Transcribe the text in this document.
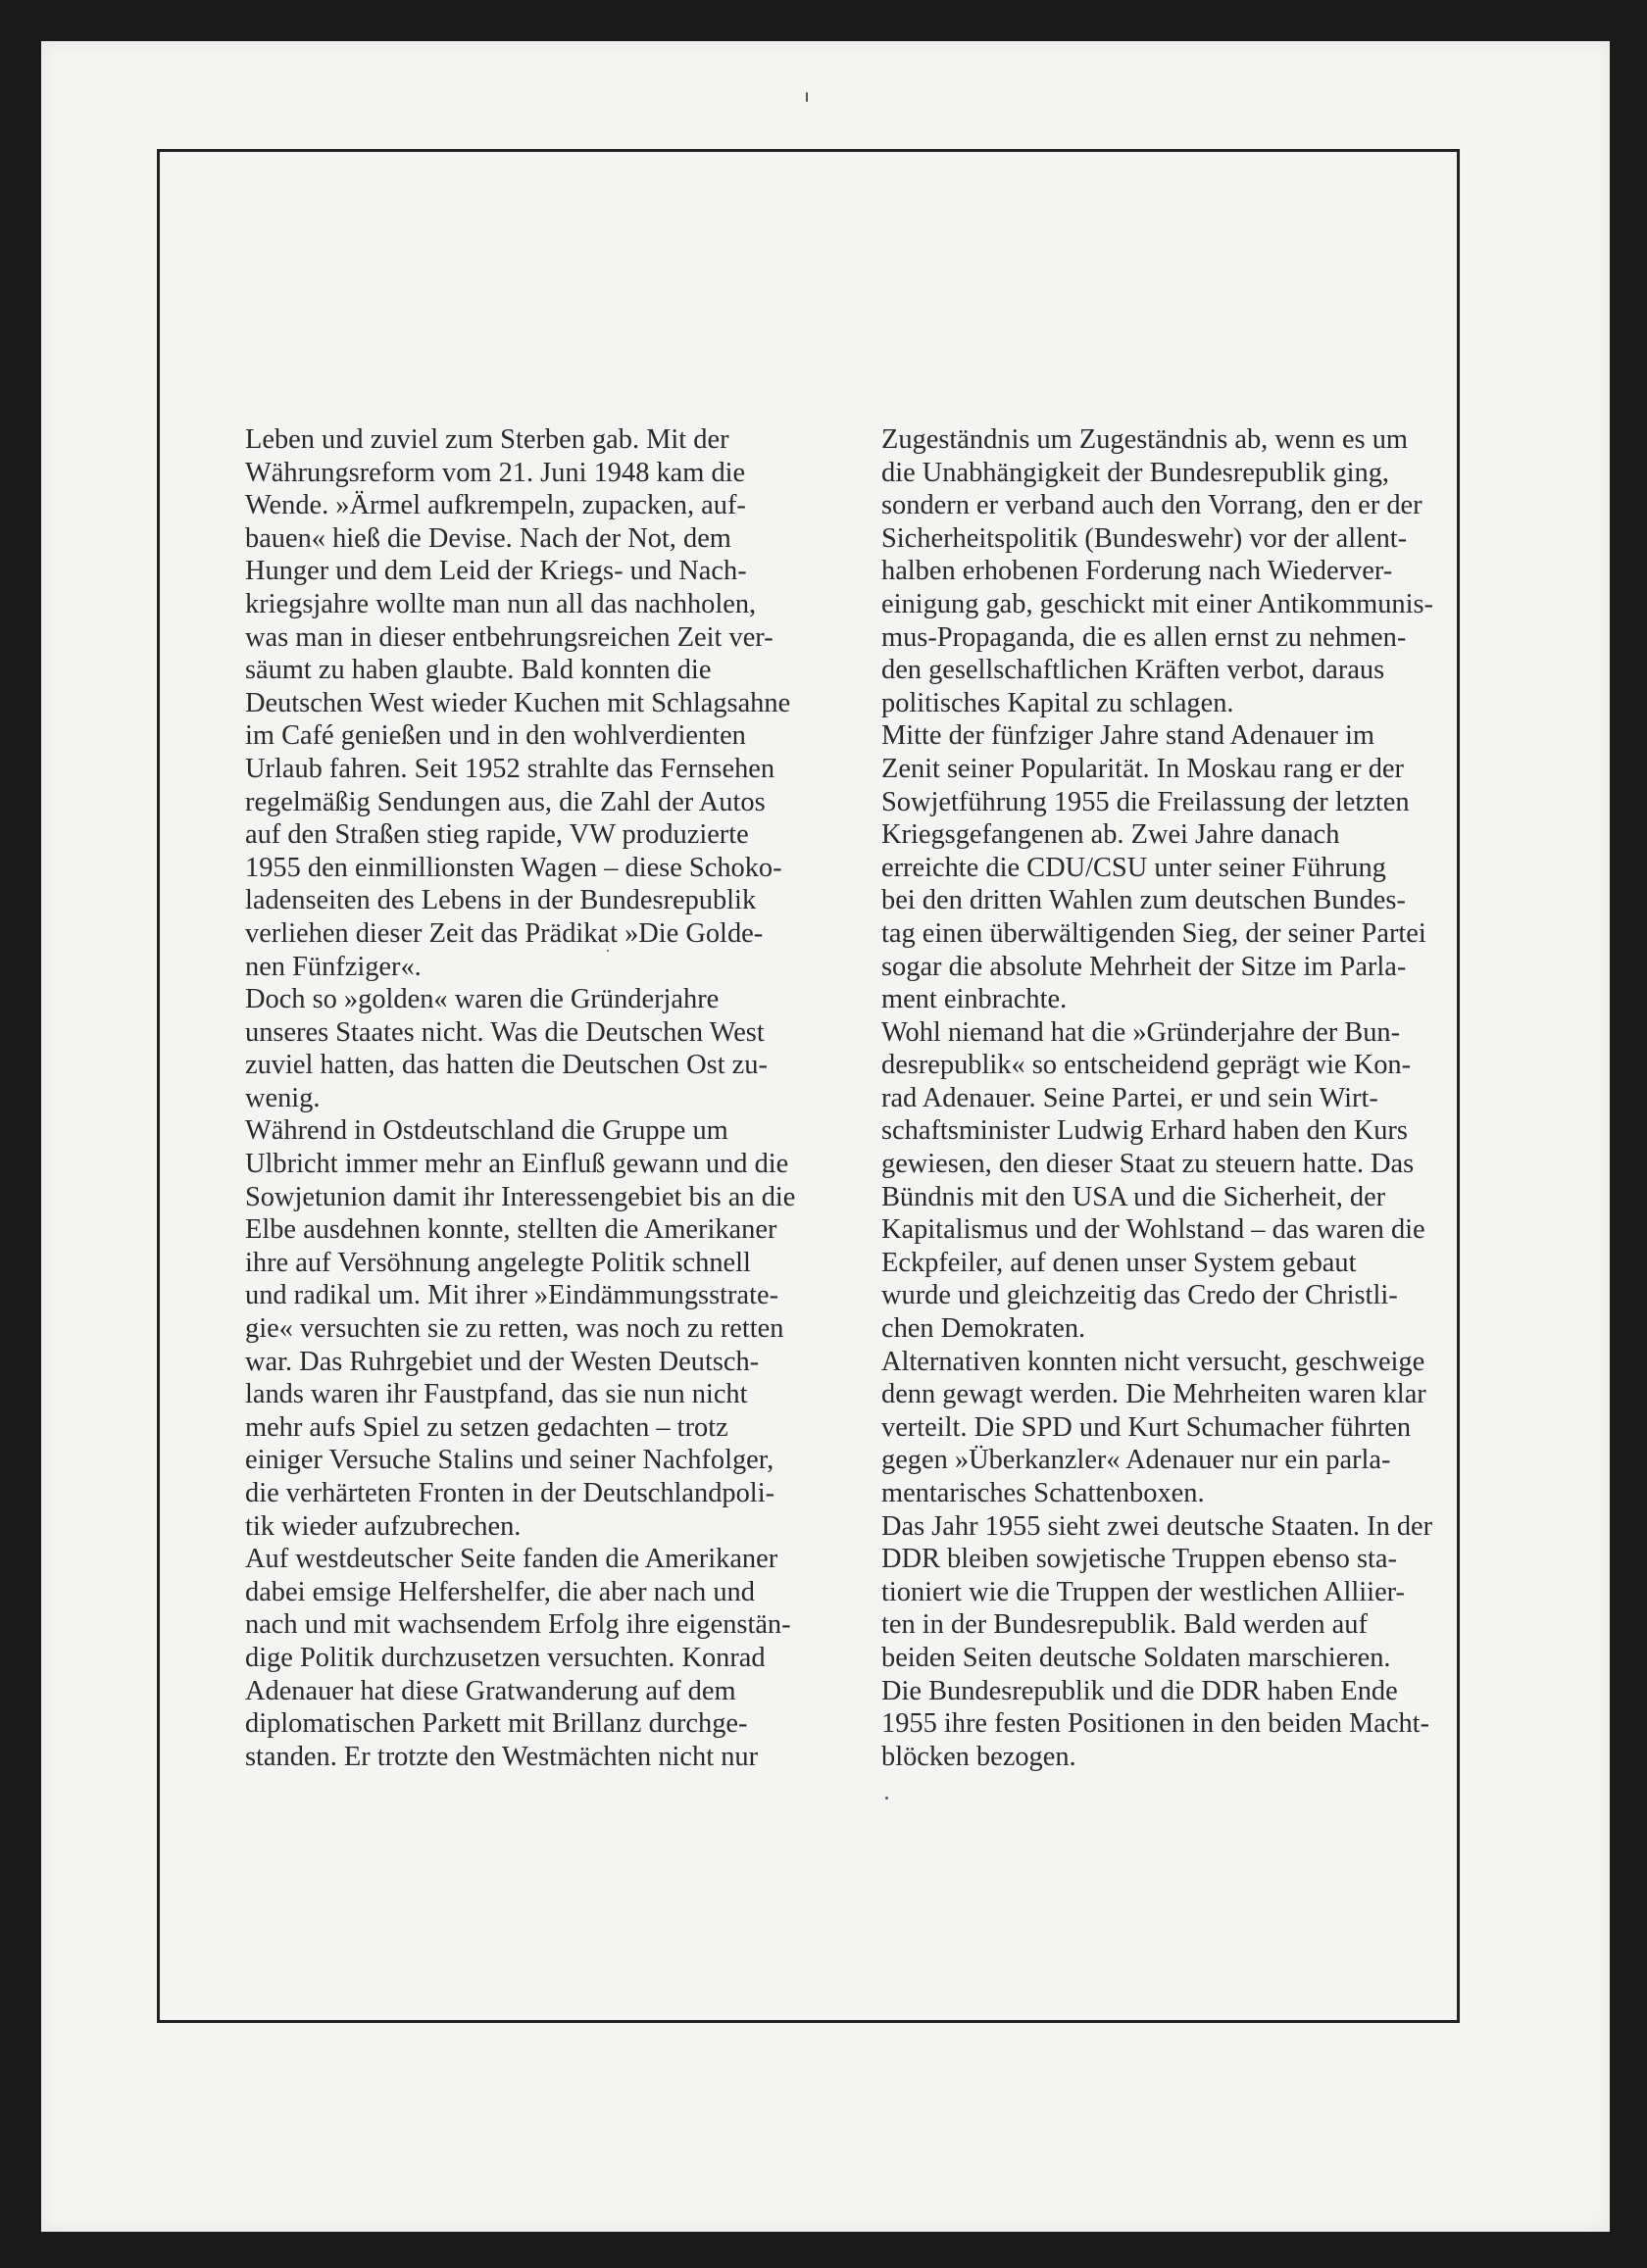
Leben und zuviel zum Sterben gab. Mit der
Währungsreform vom 21. Juni 1948 kam die
Wende. »Ärmel aufkrempeln, zupacken, auf-
bauen« hieß die Devise. Nach der Not, dem
Hunger und dem Leid der Kriegs- und Nach-
kriegsjahre wollte man nun all das nachholen,
was man in dieser entbehrungsreichen Zeit ver-
säumt zu haben glaubte. Bald konnten die
Deutschen West wieder Kuchen mit Schlagsahne
im Café genießen und in den wohlverdienten
Urlaub fahren. Seit 1952 strahlte das Fernsehen
regelmäßig Sendungen aus, die Zahl der Autos
auf den Straßen stieg rapide, VW produzierte
1955 den einmillionsten Wagen – diese Schoko-
ladenseiten des Lebens in der Bundesrepublik
verliehen dieser Zeit das Prädikat »Die Golde-
nen Fünfziger«.

Doch so »golden« waren die Gründerjahre
unseres Staates nicht. Was die Deutschen West
zuviel hatten, das hatten die Deutschen Ost zu-
wenig.

Während in Ostdeutschland die Gruppe um
Ulbricht immer mehr an Einfluß gewann und die
Sowjetunion damit ihr Interessengebiet bis an die
Elbe ausdehnen konnte, stellten die Amerikaner
ihre auf Versöhnung angelegte Politik schnell
und radikal um. Mit ihrer »Eindämmungsstrate-
gie« versuchten sie zu retten, was noch zu retten
war. Das Ruhrgebiet und der Westen Deutsch-
lands waren ihr Faustpfand, das sie nun nicht
mehr aufs Spiel zu setzen gedachten – trotz
einiger Versuche Stalins und seiner Nachfolger,
die verhärteten Fronten in der Deutschlandpoli-
tik wieder aufzubrechen.

Auf westdeutscher Seite fanden die Amerikaner
dabei emsige Helfershelfer, die aber nach und
nach und mit wachsendem Erfolg ihre eigenstän-
dige Politik durchzusetzen versuchten. Konrad
Adenauer hat diese Gratwanderung auf dem
diplomatischen Parkett mit Brillanz durchge-
standen. Er trotzte den Westmächten nicht nur

Zugeständnis um Zugeständnis ab, wenn es um
die Unabhängigkeit der Bundesrepublik ging,
sondern er verband auch den Vorrang, den er der
Sicherheitspolitik (Bundeswehr) vor der allent-
halben erhobenen Forderung nach Wiederver-
einigung gab, geschickt mit einer Antikommunis-
mus-Propaganda, die es allen ernst zu nehmen-
den gesellschaftlichen Kräften verbot, daraus
politisches Kapital zu schlagen.

Mitte der fünfziger Jahre stand Adenauer im
Zenit seiner Popularität. In Moskau rang er der
Sowjetführung 1955 die Freilassung der letzten
Kriegsgefangenen ab. Zwei Jahre danach
erreichte die CDU/CSU unter seiner Führung
bei den dritten Wahlen zum deutschen Bundes-
tag einen überwältigenden Sieg, der seiner Partei
sogar die absolute Mehrheit der Sitze im Parla-
ment einbrachte.

Wohl niemand hat die »Gründerjahre der Bun-
desrepublik« so entscheidend geprägt wie Kon-
rad Adenauer. Seine Partei, er und sein Wirt-
schaftsminister Ludwig Erhard haben den Kurs
gewiesen, den dieser Staat zu steuern hatte. Das
Bündnis mit den USA und die Sicherheit, der
Kapitalismus und der Wohlstand – das waren die
Eckpfeiler, auf denen unser System gebaut
wurde und gleichzeitig das Credo der Christli-
chen Demokraten.

Alternativen konnten nicht versucht, geschweige
denn gewagt werden. Die Mehrheiten waren klar
verteilt. Die SPD und Kurt Schumacher führten
gegen »Überkanzler« Adenauer nur ein parla-
mentarisches Schattenboxen.

Das Jahr 1955 sieht zwei deutsche Staaten. In der
DDR bleiben sowjetische Truppen ebenso sta-
tioniert wie die Truppen der westlichen Alliier-
ten in der Bundesrepublik. Bald werden auf
beiden Seiten deutsche Soldaten marschieren.
Die Bundesrepublik und die DDR haben Ende
1955 ihre festen Positionen in den beiden Macht-
blöcken bezogen.
